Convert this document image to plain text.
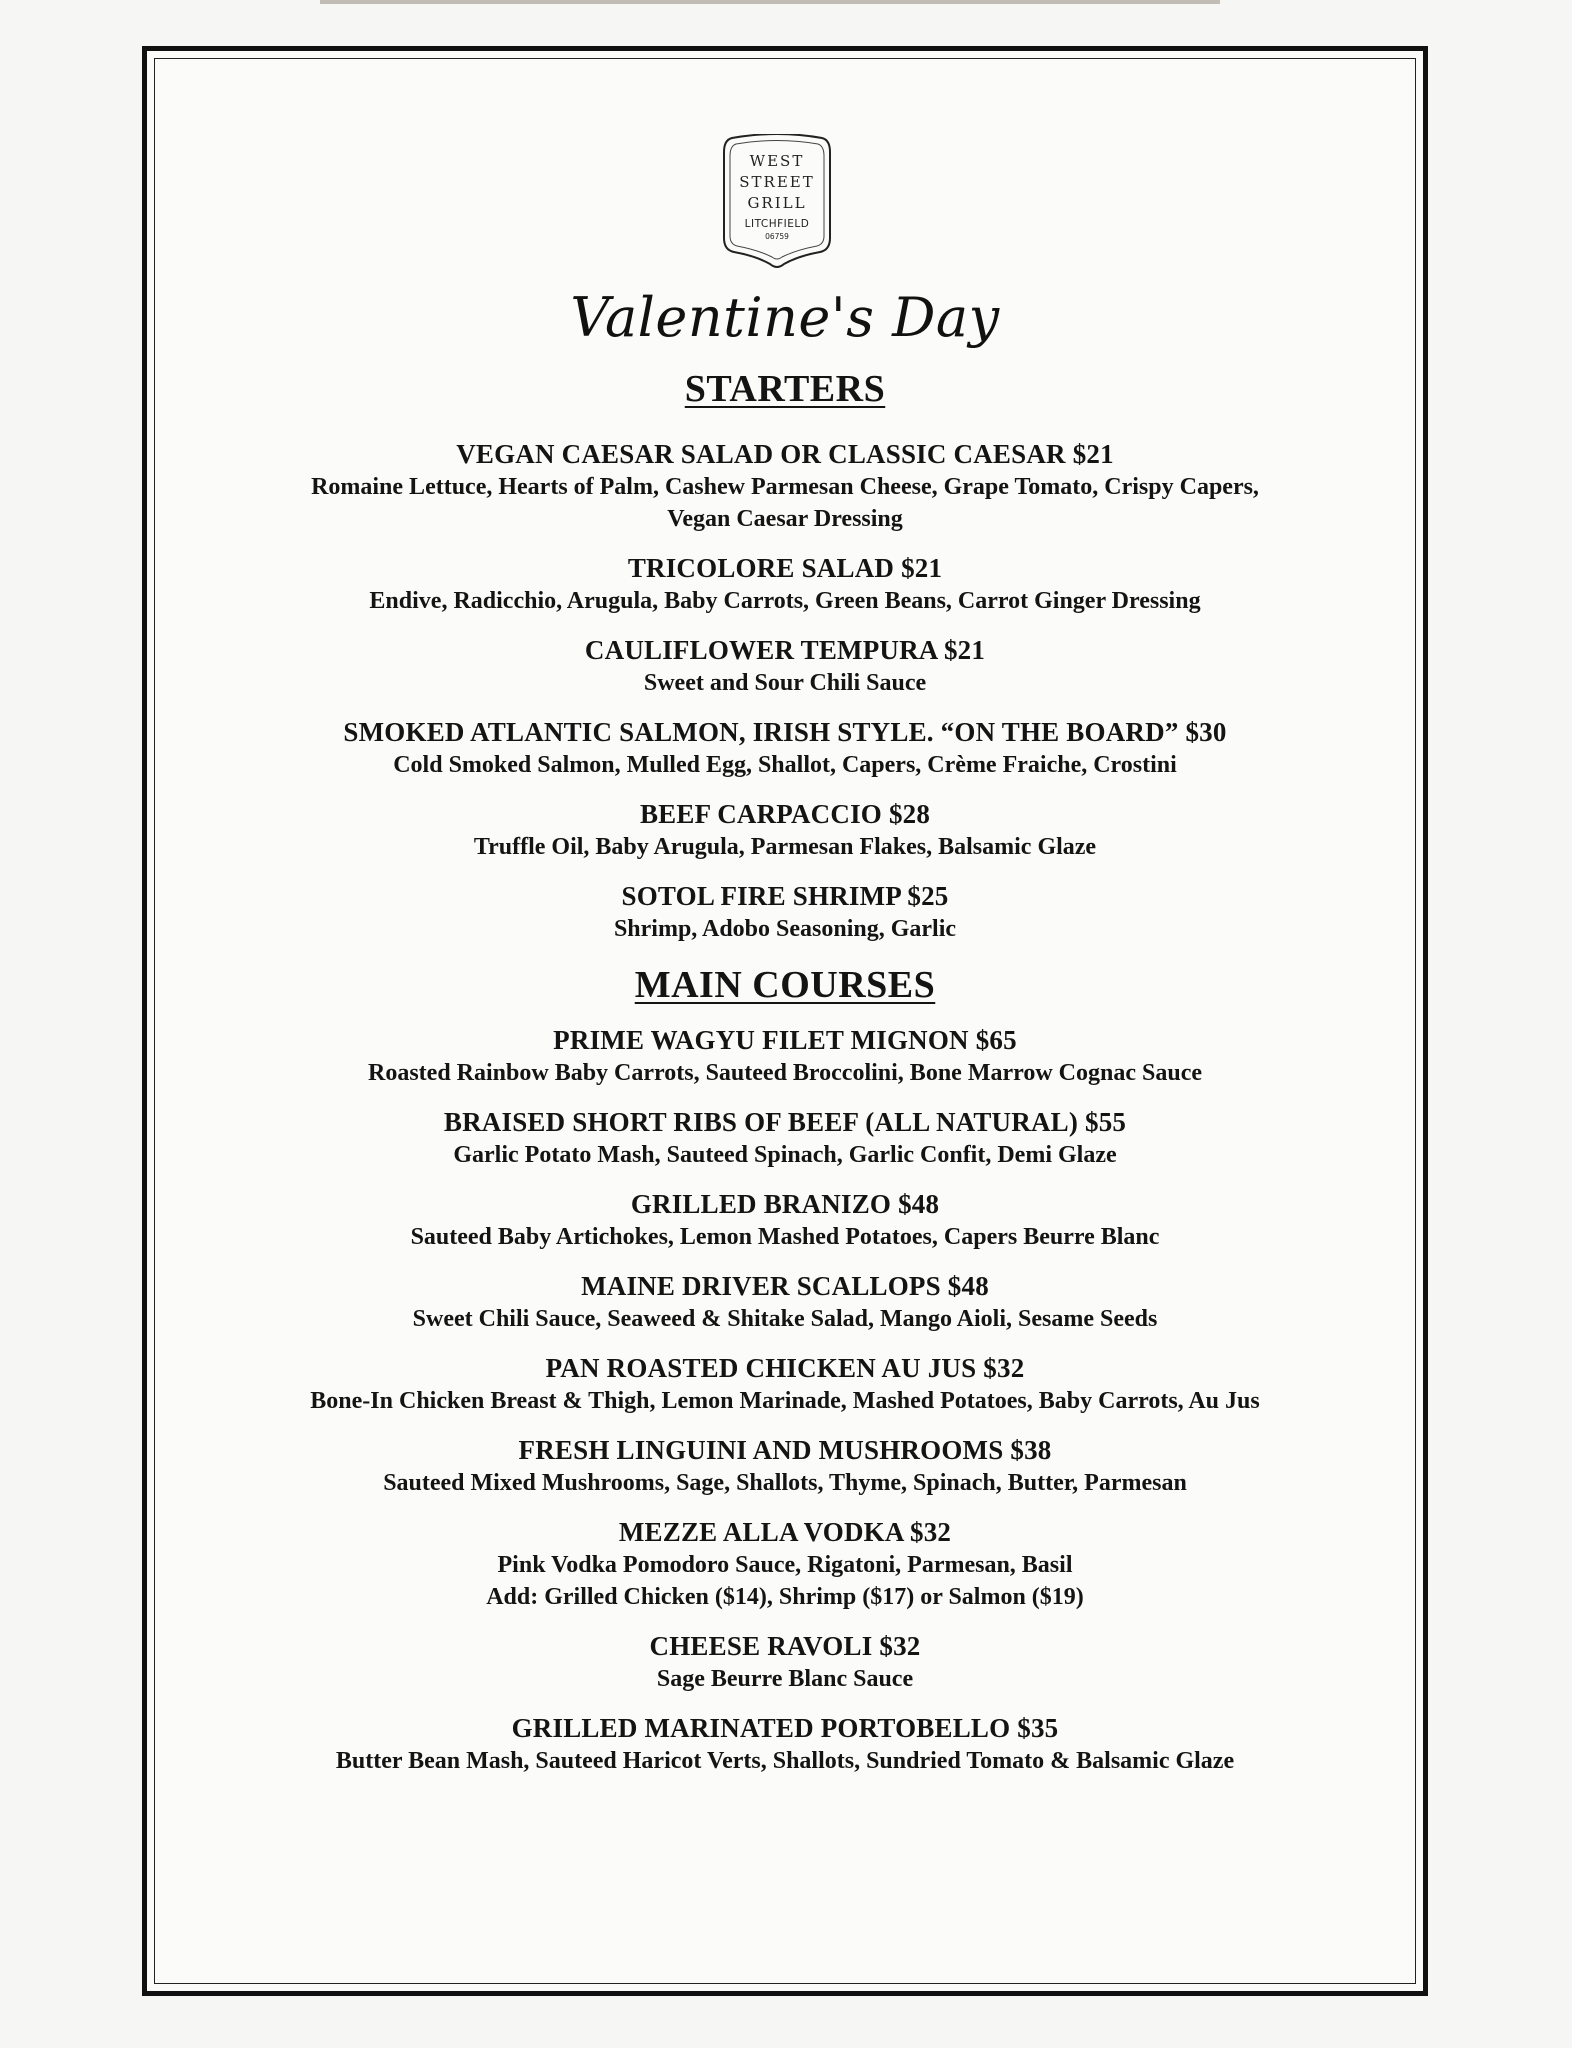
WEST
STREET
GRILL
LITCHFIELD
06759
Valentine's Day
STARTERS
VEGAN CAESAR SALAD OR CLASSIC CAESAR $21
Romaine Lettuce, Hearts of Palm, Cashew Parmesan Cheese, Grape Tomato, Crispy Capers,
Vegan Caesar Dressing
TRICOLORE SALAD $21
Endive, Radicchio, Arugula, Baby Carrots, Green Beans, Carrot Ginger Dressing
CAULIFLOWER TEMPURA $21
Sweet and Sour Chili Sauce
SMOKED ATLANTIC SALMON, IRISH STYLE. “ON THE BOARD” $30
Cold Smoked Salmon, Mulled Egg, Shallot, Capers, Crème Fraiche, Crostini
BEEF CARPACCIO $28
Truffle Oil, Baby Arugula, Parmesan Flakes, Balsamic Glaze
SOTOL FIRE SHRIMP $25
Shrimp, Adobo Seasoning, Garlic
MAIN COURSES
PRIME WAGYU FILET MIGNON $65
Roasted Rainbow Baby Carrots, Sauteed Broccolini, Bone Marrow Cognac Sauce
BRAISED SHORT RIBS OF BEEF (ALL NATURAL) $55
Garlic Potato Mash, Sauteed Spinach, Garlic Confit, Demi Glaze
GRILLED BRANIZO $48
Sauteed Baby Artichokes, Lemon Mashed Potatoes, Capers Beurre Blanc
MAINE DRIVER SCALLOPS $48
Sweet Chili Sauce, Seaweed & Shitake Salad, Mango Aioli, Sesame Seeds
PAN ROASTED CHICKEN AU JUS $32
Bone-In Chicken Breast & Thigh, Lemon Marinade, Mashed Potatoes, Baby Carrots, Au Jus
FRESH LINGUINI AND MUSHROOMS $38
Sauteed Mixed Mushrooms, Sage, Shallots, Thyme, Spinach, Butter, Parmesan
MEZZE ALLA VODKA $32
Pink Vodka Pomodoro Sauce, Rigatoni, Parmesan, Basil
Add: Grilled Chicken ($14), Shrimp ($17) or Salmon ($19)
CHEESE RAVOLI $32
Sage Beurre Blanc Sauce
GRILLED MARINATED PORTOBELLO $35
Butter Bean Mash, Sauteed Haricot Verts, Shallots, Sundried Tomato & Balsamic Glaze
